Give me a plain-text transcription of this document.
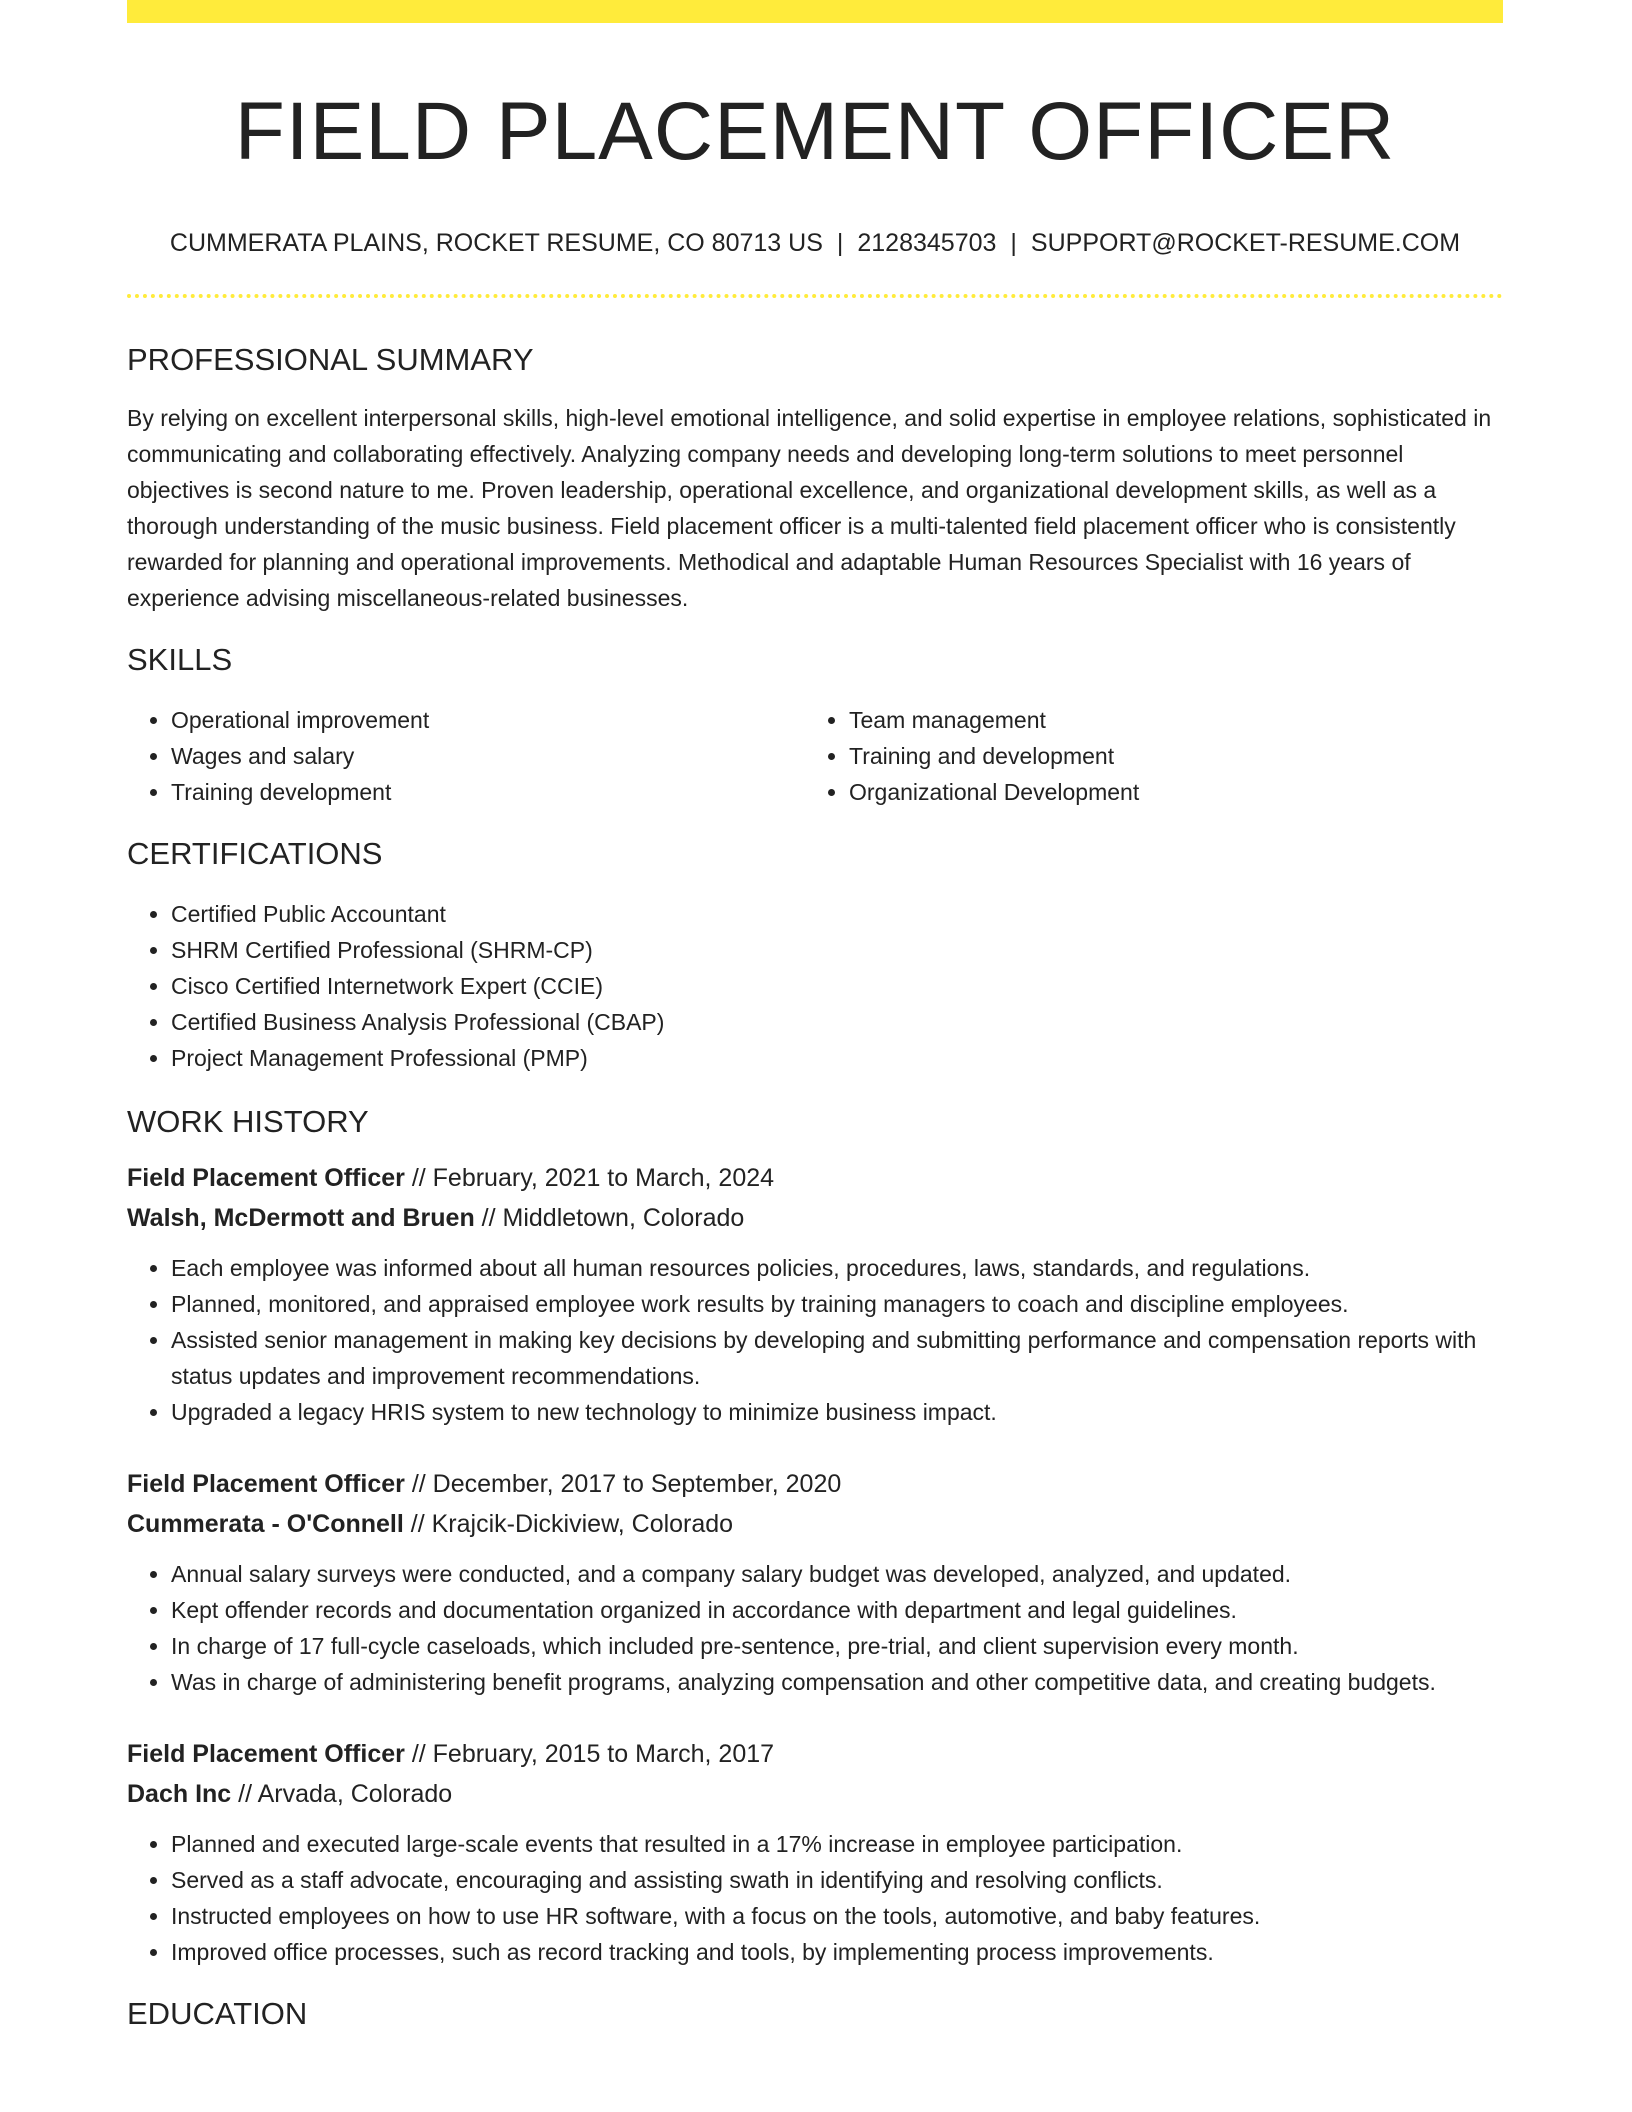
FIELD PLACEMENT OFFICER
CUMMERATA PLAINS, ROCKET RESUME, CO 80713 US | 2128345703 | SUPPORT@ROCKET-RESUME.COM
PROFESSIONAL SUMMARY

By relying on excellent interpersonal skills, high-level emotional intelligence, and solid expertise in employee relations, sophisticated in communicating and collaborating effectively. Analyzing company needs and developing long-term solutions to meet personnel objectives is second nature to me. Proven leadership, operational excellence, and organizational development skills, as well as a thorough understanding of the music business. Field placement officer is a multi-talented field placement officer who is consistently rewarded for planning and operational improvements. Methodical and adaptable Human Resources Specialist with 16 years of experience advising miscellaneous-related businesses.

SKILLS
• Operational improvement
• Wages and salary
• Training development
• Team management
• Training and development
• Organizational Development
CERTIFICATIONS
• Certified Public Accountant
• SHRM Certified Professional (SHRM-CP)
• Cisco Certified Internetwork Expert (CCIE)
• Certified Business Analysis Professional (CBAP)
• Project Management Professional (PMP)
WORK HISTORY
Field Placement Officer // February, 2021 to March, 2024
Walsh, McDermott and Bruen // Middletown, Colorado
• Each employee was informed about all human resources policies, procedures, laws, standards, and regulations.
• Planned, monitored, and appraised employee work results by training managers to coach and discipline employees.
• Assisted senior management in making key decisions by developing and submitting performance and compensation reports with status updates and improvement recommendations.
• Upgraded a legacy HRIS system to new technology to minimize business impact.
Field Placement Officer // December, 2017 to September, 2020
Cummerata - O'Connell // Krajcik-Dickiview, Colorado
• Annual salary surveys were conducted, and a company salary budget was developed, analyzed, and updated.
• Kept offender records and documentation organized in accordance with department and legal guidelines.
• In charge of 17 full-cycle caseloads, which included pre-sentence, pre-trial, and client supervision every month.
• Was in charge of administering benefit programs, analyzing compensation and other competitive data, and creating budgets.
Field Placement Officer // February, 2015 to March, 2017
Dach Inc // Arvada, Colorado
• Planned and executed large-scale events that resulted in a 17% increase in employee participation.
• Served as a staff advocate, encouraging and assisting swath in identifying and resolving conflicts.
• Instructed employees on how to use HR software, with a focus on the tools, automotive, and baby features.
• Improved office processes, such as record tracking and tools, by implementing process improvements.
EDUCATION
